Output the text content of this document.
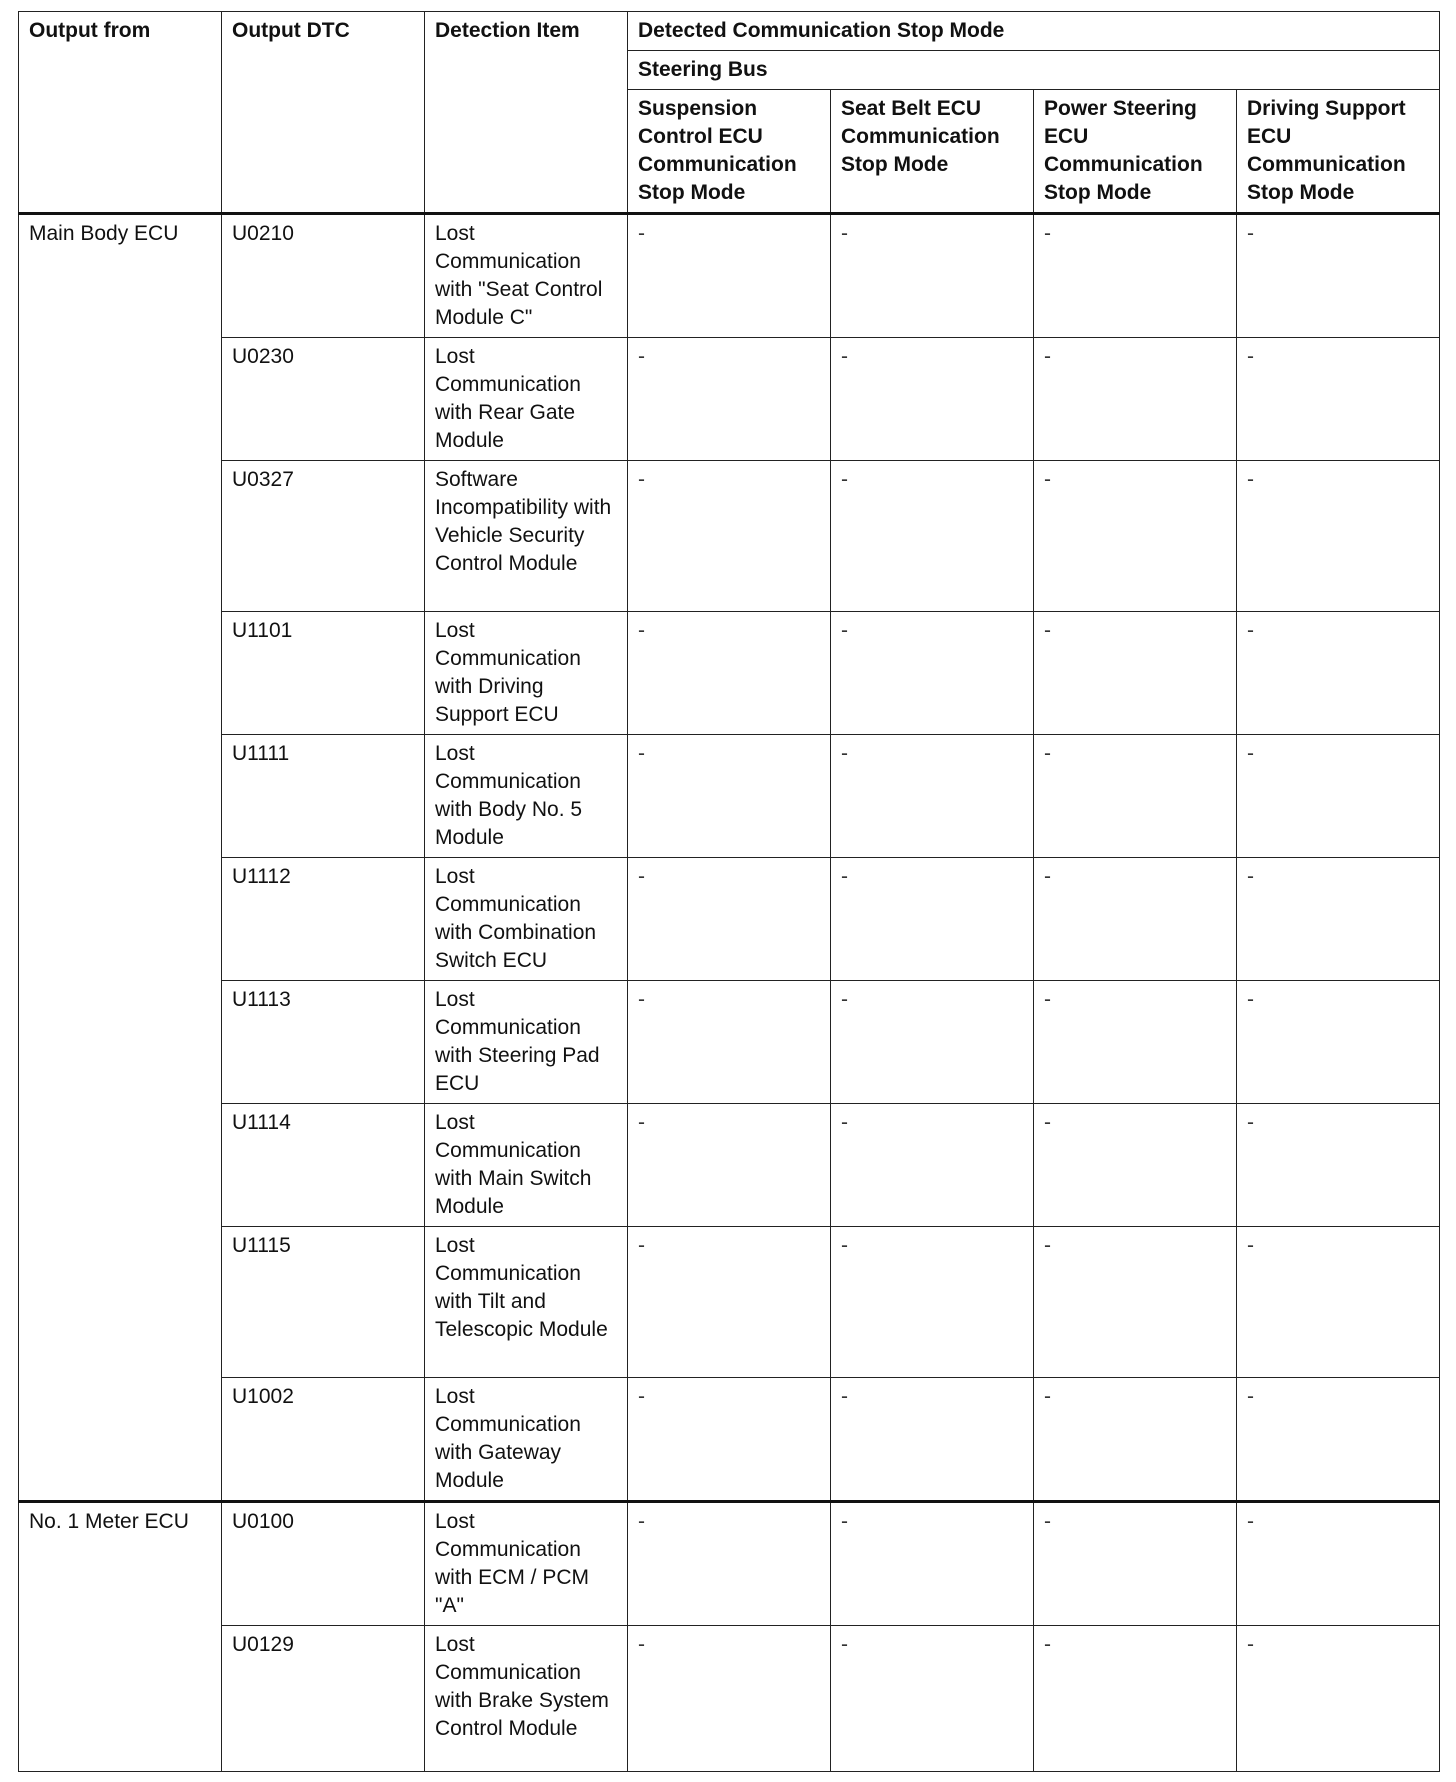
Output from	Output DTC	Detection Item	Detected Communication Stop Mode			
			Steering Bus			
			Suspension Control ECU Communication Stop Mode	Seat Belt ECU Communication Stop Mode	Power Steering ECU Communication Stop Mode	Driving Support ECU Communication Stop Mode
Main Body ECU	U0210	Lost Communication with "Seat Control Module C"	-	-	-	-
	U0230	Lost Communication with Rear Gate Module	-	-	-	-
	U0327	Software Incompatibility with Vehicle Security Control Module	-	-	-	-
	U1101	Lost Communication with Driving Support ECU	-	-	-	-
	U1111	Lost Communication with Body No. 5 Module	-	-	-	-
	U1112	Lost Communication with Combination Switch ECU	-	-	-	-
	U1113	Lost Communication with Steering Pad ECU	-	-	-	-
	U1114	Lost Communication with Main Switch Module	-	-	-	-
	U1115	Lost Communication with Tilt and Telescopic Module	-	-	-	-
	U1002	Lost Communication with Gateway Module	-	-	-	-
No. 1 Meter ECU	U0100	Lost Communication with ECM / PCM "A"	-	-	-	-
	U0129	Lost Communication with Brake System Control Module	-	-	-	-
